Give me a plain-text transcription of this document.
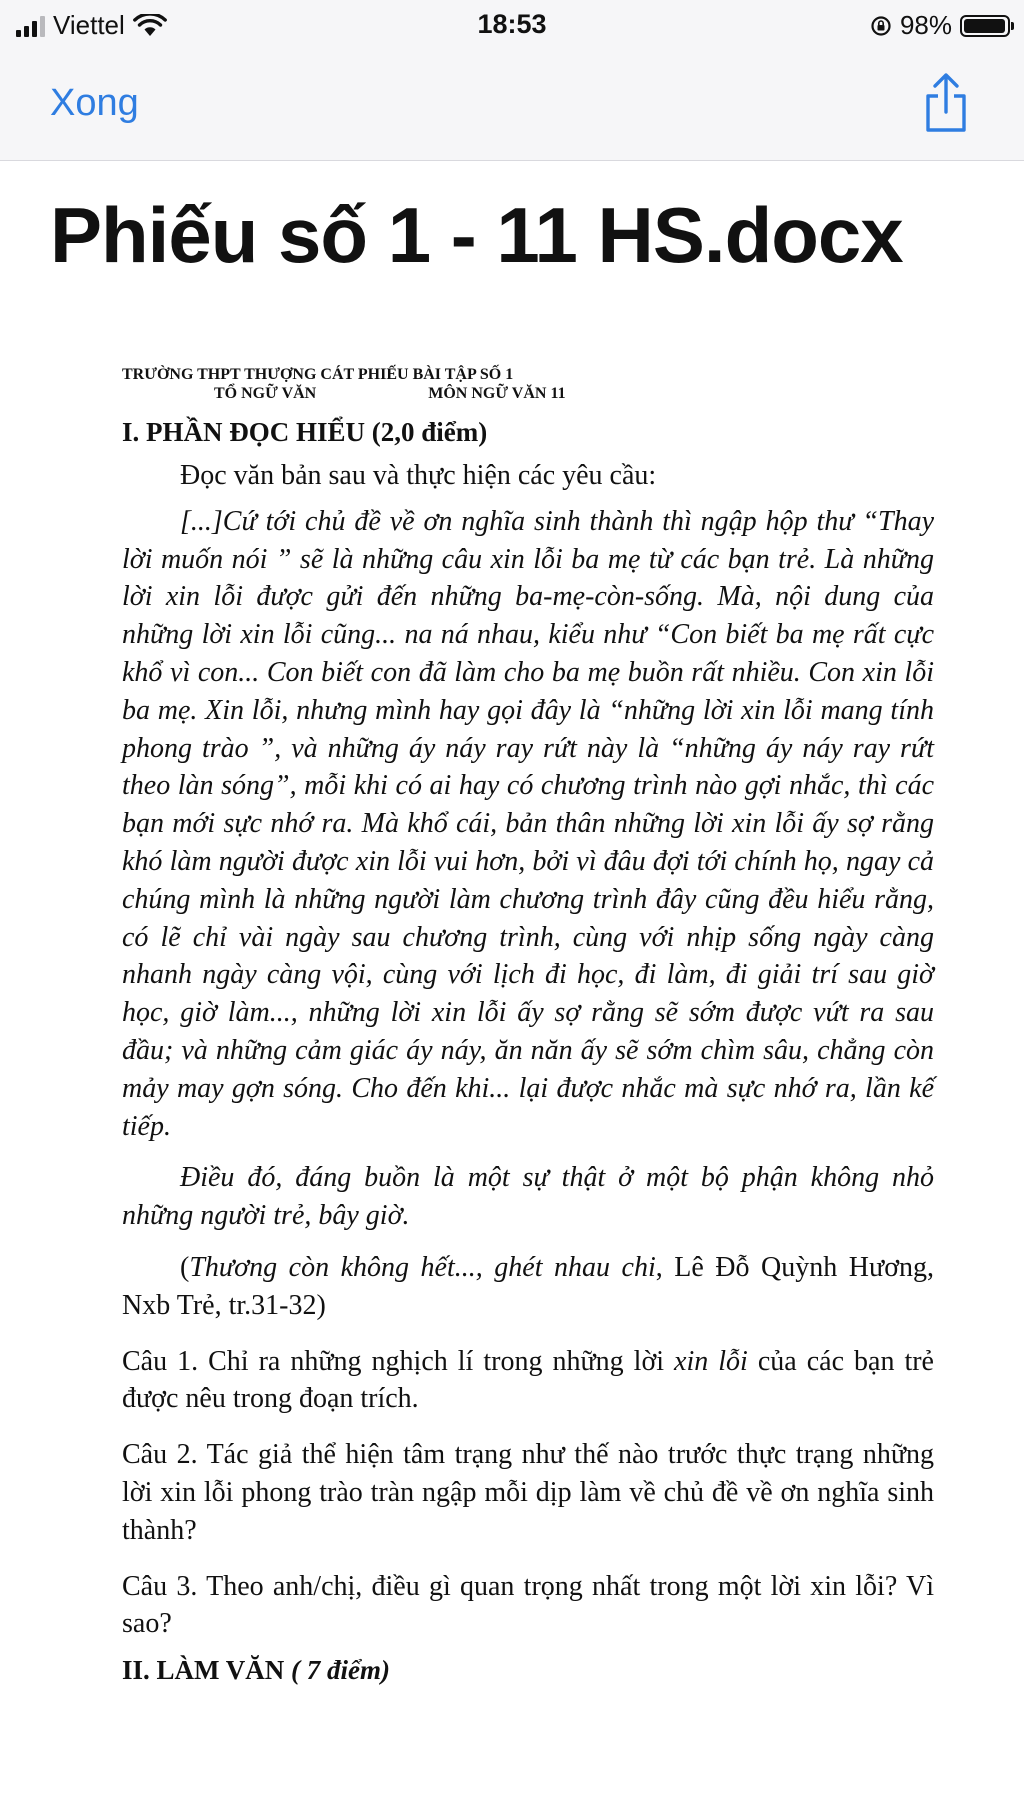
Viettel	18:53	98%
Xong
Phiếu số 1 - 11 HS.docx
TRƯỜNG THPT THƯỢNG CÁT PHIẾU BÀI TẬP SỐ 1
TỔ NGỮ VĂN	MÔN NGỮ VĂN 11
I. PHẦN ĐỌC HIỂU (2,0 điểm)

Đọc văn bản sau và thực hiện các yêu cầu:

[...]Cứ tới chủ đề về ơn nghĩa sinh thành thì ngập hộp thư “Thay lời muốn nói ” sẽ là những câu xin lỗi ba mẹ từ các bạn trẻ. Là những lời xin lỗi được gửi đến những ba-mẹ-còn-sống. Mà, nội dung của những lời xin lỗi cũng... na ná nhau, kiểu như “Con biết ba mẹ rất cực khổ vì con... Con biết con đã làm cho ba mẹ buồn rất nhiều. Con xin lỗi ba mẹ. Xin lỗi, nhưng mình hay gọi đây là “những lời xin lỗi mang tính phong trào ”, và những áy náy ray rứt này là “những áy náy ray rứt theo làn sóng”, mỗi khi có ai hay có chương trình nào gợi nhắc, thì các bạn mới sực nhớ ra. Mà khổ cái, bản thân những lời xin lỗi ấy sợ rằng khó làm người được xin lỗi vui hơn, bởi vì đâu đợi tới chính họ, ngay cả chúng mình là những người làm chương trình đây cũng đều hiểu rằng, có lẽ chỉ vài ngày sau chương trình, cùng với nhịp sống ngày càng nhanh ngày càng vội, cùng với lịch đi học, đi làm, đi giải trí sau giờ học, giờ làm..., những lời xin lỗi ấy sợ rằng sẽ sớm được vứt ra sau đầu; và những cảm giác áy náy, ăn năn ấy sẽ sớm chìm sâu, chẳng còn mảy may gợn sóng. Cho đến khi... lại được nhắc mà sực nhớ ra, lần kế tiếp.

Điều đó, đáng buồn là một sự thật ở một bộ phận không nhỏ những người trẻ, bây giờ.

(Thương còn không hết..., ghét nhau chi, Lê Đỗ Quỳnh Hương, Nxb Trẻ, tr.31-32)

Câu 1. Chỉ ra những nghịch lí trong những lời xin lỗi của các bạn trẻ được nêu trong đoạn trích.

Câu 2. Tác giả thể hiện tâm trạng như thế nào trước thực trạng những lời xin lỗi phong trào tràn ngập mỗi dịp làm về chủ đề về ơn nghĩa sinh thành?

Câu 3. Theo anh/chị, điều gì quan trọng nhất trong một lời xin lỗi? Vì sao?

II. LÀM VĂN ( 7 điểm)
